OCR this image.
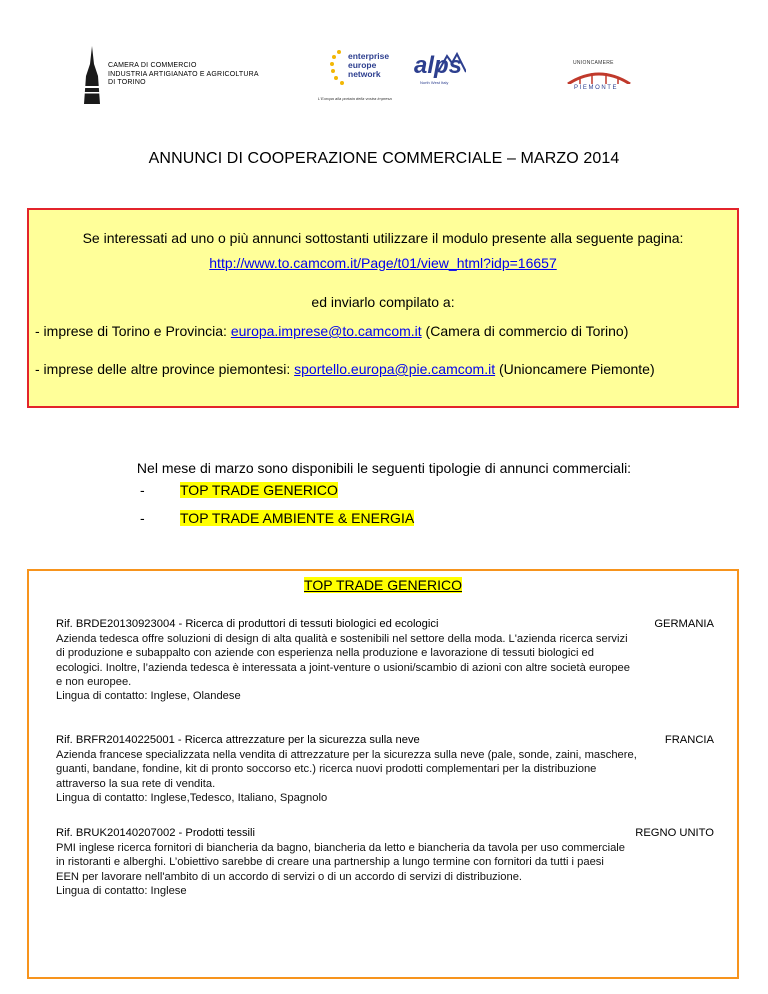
CAMERA DI COMMERCIO
INDUSTRIA ARTIGIANATO E AGRICOLTURA
DI TORINO
enterprise
europe
network	alps
North West Italy
L'Europa alla portata della vostra impresa
UNIONCAMERE
PIEMONTE
ANNUNCI DI COOPERAZIONE COMMERCIALE – MARZO 2014
Se interessati ad uno o più annunci sottostanti utilizzare il modulo presente alla seguente pagina:
http://www.to.camcom.it/Page/t01/view_html?idp=16657
ed inviarlo compilato a:
- imprese di Torino e Provincia: europa.imprese@to.camcom.it (Camera di commercio di Torino)
- imprese delle altre province piemontesi: sportello.europa@pie.camcom.it (Unioncamere Piemonte)
Nel mese di marzo sono disponibili le seguenti tipologie di annunci commerciali:
-	TOP TRADE GENERICO
-	TOP TRADE AMBIENTE & ENERGIA
TOP TRADE GENERICO
Rif. BRDE20130923004 - Ricerca di produttori di tessuti biologici ed ecologici	GERMANIA
Azienda tedesca offre soluzioni di design di alta qualità e sostenibili nel settore della moda. L'azienda ricerca servizi
di produzione e subappalto con aziende con esperienza nella produzione e lavorazione di tessuti biologici ed
ecologici. Inoltre, l’azienda tedesca è interessata a joint-venture o usioni/scambio di azioni con altre società europee
e non europee.
Lingua di contatto: Inglese, Olandese
Rif. BRFR20140225001 - Ricerca attrezzature per la sicurezza sulla neve	FRANCIA
Azienda francese specializzata nella vendita di attrezzature per la sicurezza sulla neve (pale, sonde, zaini, maschere,
guanti, bandane, fondine, kit di pronto soccorso etc.) ricerca nuovi prodotti complementari per la distribuzione
attraverso la sua rete di vendita.
Lingua di contatto: Inglese,Tedesco, Italiano, Spagnolo
Rif. BRUK20140207002 - Prodotti tessili	REGNO UNITO
PMI inglese ricerca fornitori di biancheria da bagno, biancheria da letto e biancheria da tavola per uso commerciale
in ristoranti e alberghi. L’obiettivo sarebbe di creare una partnership a lungo termine con fornitori da tutti i paesi
EEN per lavorare nell'ambito di un accordo di servizi o di un accordo di servizi di distribuzione.
Lingua di contatto: Inglese
